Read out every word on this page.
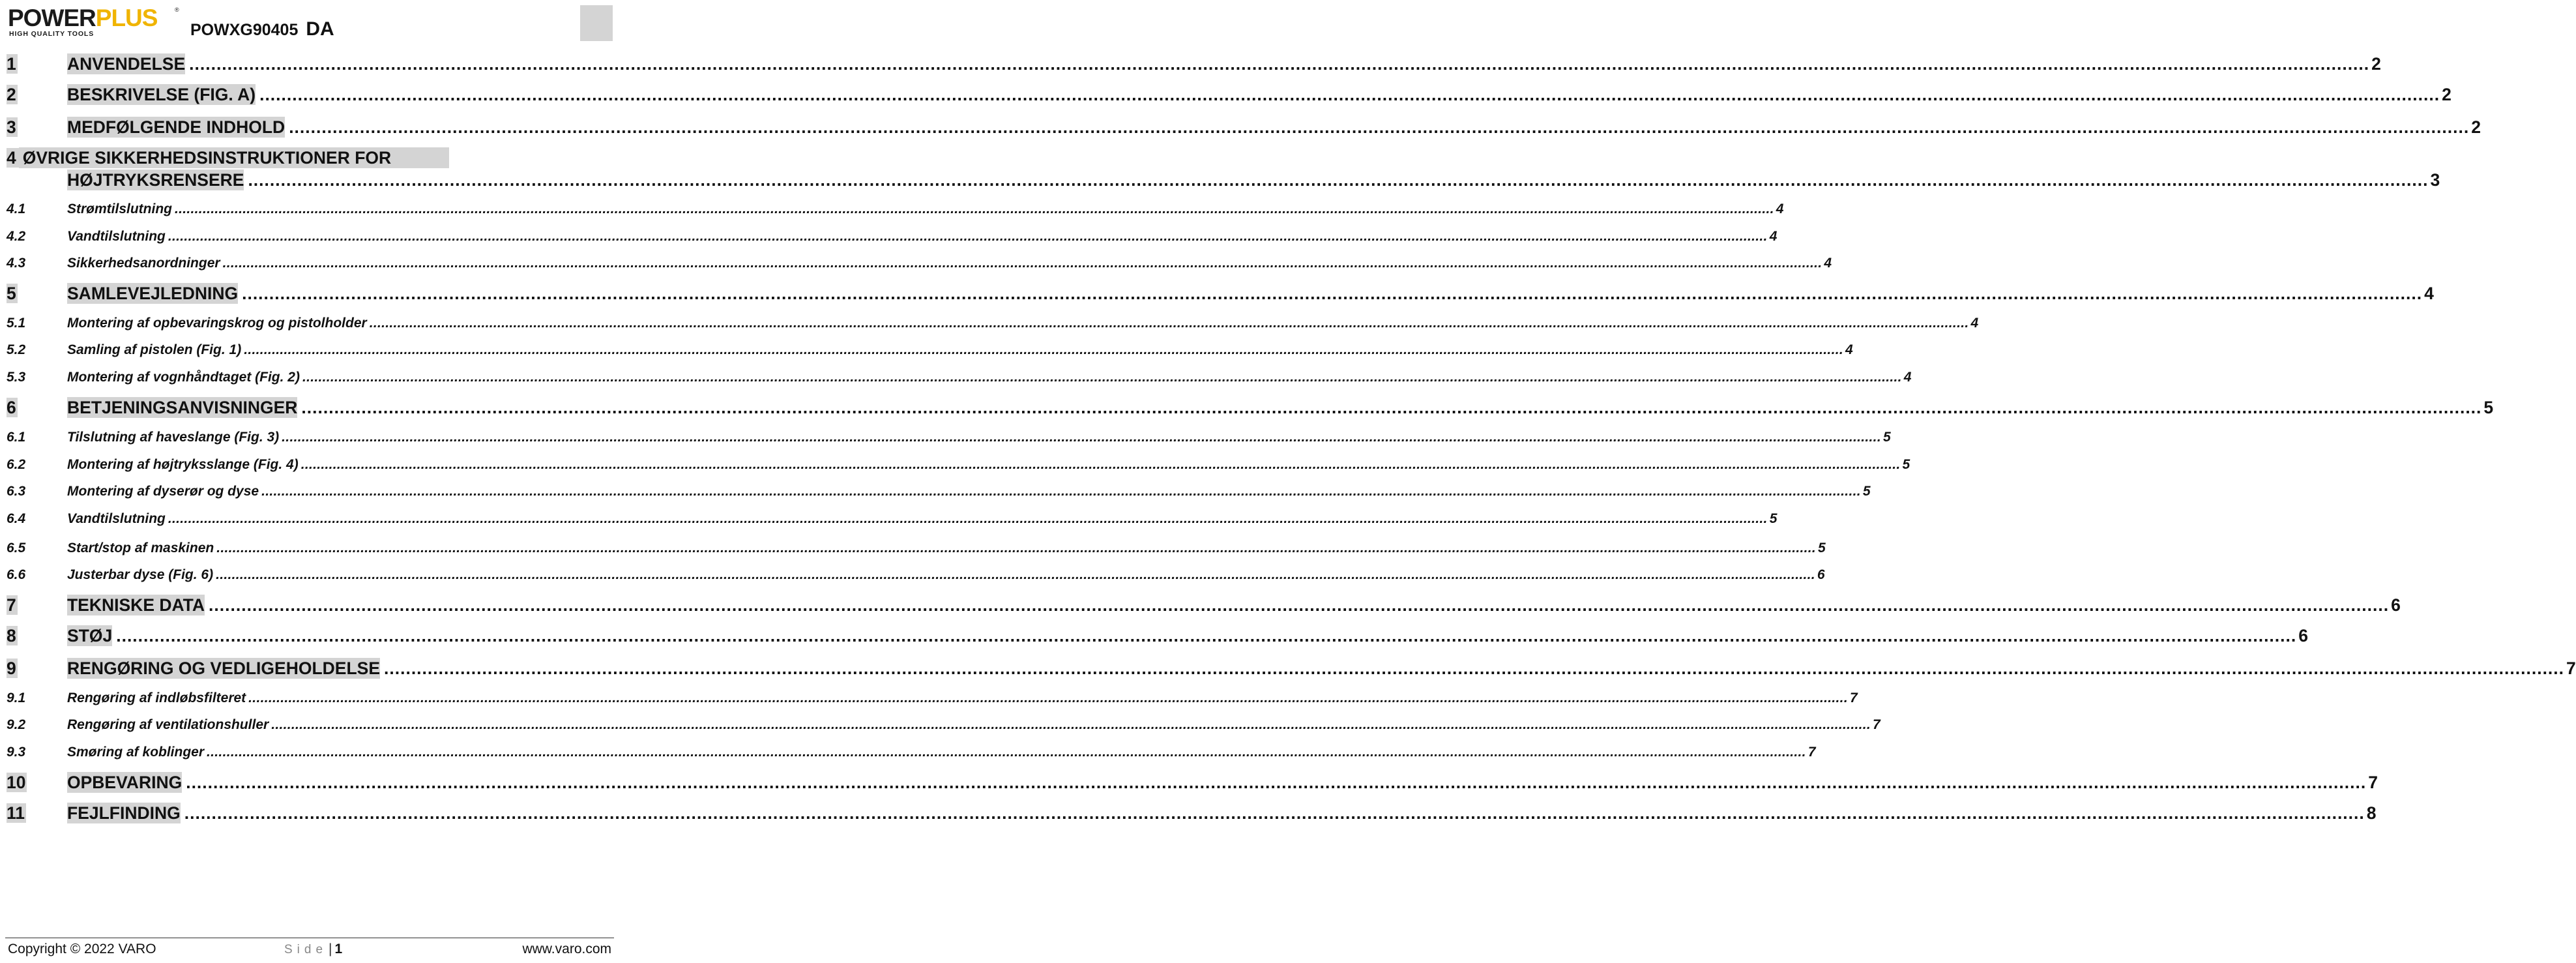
POWERPLUS	®
HIGH QUALITY TOOLS	POWXG90405 DA
1	ANVENDELSE ................................................................................................................................................................................................................................................................................................................................................................................................................ 2
2	BESKRIVELSE (FIG. A) ................................................................................................................................................................................................................................................................................................................................................................................................................ 2
3	MEDFØLGENDE INDHOLD ................................................................................................................................................................................................................................................................................................................................................................................................................ 2
4 ØVRIGE SIKKERHEDSINSTRUKTIONER FOR
HØJTRYKSRENSERE ................................................................................................................................................................................................................................................................................................................................................................................................................ 3
4.1	Strømtilslutning ................................................................................................................................................................................................................................................................................................................................................................................................................ 4
4.2	Vandtilslutning ................................................................................................................................................................................................................................................................................................................................................................................................................ 4
4.3	Sikkerhedsanordninger ................................................................................................................................................................................................................................................................................................................................................................................................................ 4
5	SAMLEVEJLEDNING ................................................................................................................................................................................................................................................................................................................................................................................................................ 4
5.1	Montering af opbevaringskrog og pistolholder ................................................................................................................................................................................................................................................................................................................................................................................................................ 4
5.2	Samling af pistolen (Fig. 1) ................................................................................................................................................................................................................................................................................................................................................................................................................ 4
5.3	Montering af vognhåndtaget (Fig. 2) ................................................................................................................................................................................................................................................................................................................................................................................................................ 4
6	BETJENINGSANVISNINGER ................................................................................................................................................................................................................................................................................................................................................................................................................ 5
6.1	Tilslutning af haveslange (Fig. 3) ................................................................................................................................................................................................................................................................................................................................................................................................................ 5
6.2	Montering af højtryksslange (Fig. 4) ................................................................................................................................................................................................................................................................................................................................................................................................................ 5
6.3	Montering af dyserør og dyse ................................................................................................................................................................................................................................................................................................................................................................................................................ 5
6.4	Vandtilslutning ................................................................................................................................................................................................................................................................................................................................................................................................................ 5
6.5	Start/stop af maskinen ................................................................................................................................................................................................................................................................................................................................................................................................................ 5
6.6	Justerbar dyse (Fig. 6) ................................................................................................................................................................................................................................................................................................................................................................................................................ 6
7	TEKNISKE DATA ................................................................................................................................................................................................................................................................................................................................................................................................................ 6
8	STØJ ................................................................................................................................................................................................................................................................................................................................................................................................................ 6
9	RENGØRING OG VEDLIGEHOLDELSE ................................................................................................................................................................................................................................................................................................................................................................................................................ 7
9.1	Rengøring af indløbsfilteret ................................................................................................................................................................................................................................................................................................................................................................................................................ 7
9.2	Rengøring af ventilationshuller ................................................................................................................................................................................................................................................................................................................................................................................................................ 7
9.3	Smøring af koblinger ................................................................................................................................................................................................................................................................................................................................................................................................................ 7
10	OPBEVARING ................................................................................................................................................................................................................................................................................................................................................................................................................ 7
11	FEJLFINDING ................................................................................................................................................................................................................................................................................................................................................................................................................ 8
Copyright © 2022 VARO	Side| 1	www.varo.com
